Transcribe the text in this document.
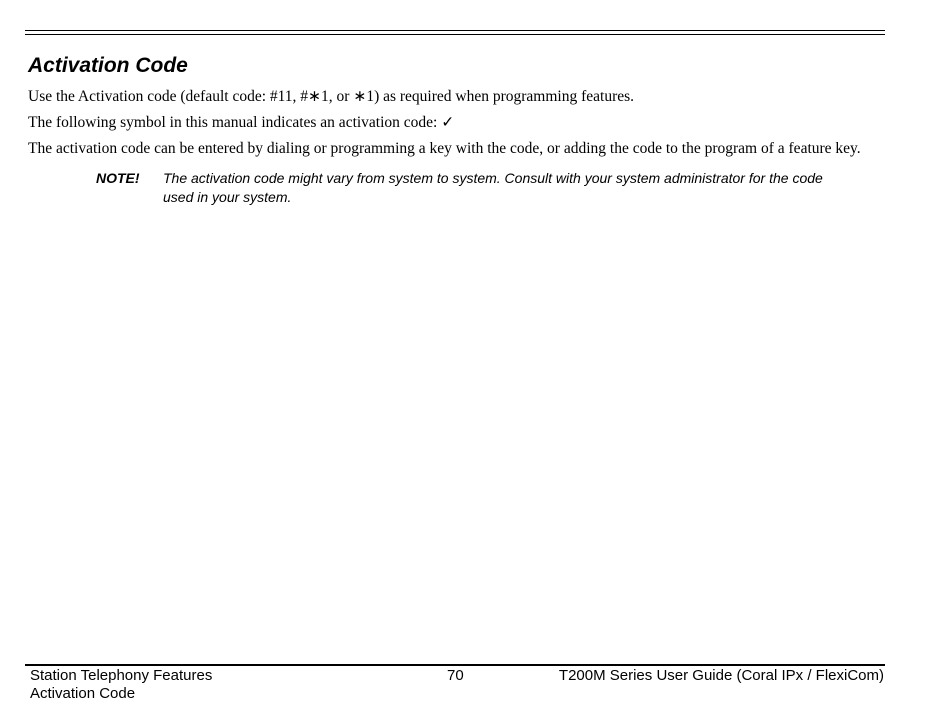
Activation Code

Use the Activation code (default code: #11, #∗1, or ∗1) as required when programming features.

The following symbol in this manual indicates an activation code: ✓

The activation code can be entered by dialing or programming a key with the code, or adding the code to the program of a feature key.

NOTE!	The activation code might vary from system to system. Consult with your system administrator for the code used in your system.
Station Telephony Features
Activation Code
70	T200M Series User Guide (Coral IPx / FlexiCom)
